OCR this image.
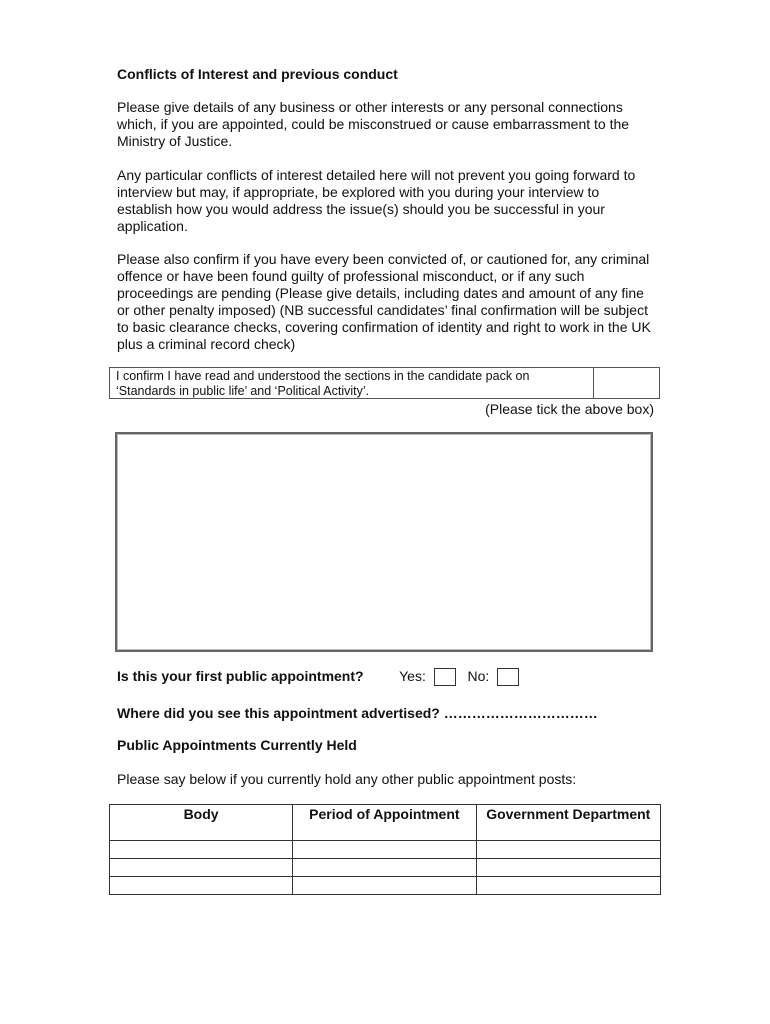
Conflicts of Interest and previous conduct

Please give details of any business or other interests or any personal connections which, if you are appointed, could be misconstrued or cause embarrassment to the Ministry of Justice.

Any particular conflicts of interest detailed here will not prevent you going forward to interview but may, if appropriate, be explored with you during your interview to establish how you would address the issue(s) should you be successful in your application.

Please also confirm if you have every been convicted of, or cautioned for, any criminal offence or have been found guilty of professional misconduct, or if any such proceedings are pending (Please give details, including dates and amount of any fine or other penalty imposed) (NB successful candidates’ final confirmation will be subject to basic clearance checks, covering confirmation of identity and right to work in the UK plus a criminal record check)

I confirm I have read and understood the sections in the candidate pack on ‘Standards in public life’ and ‘Political Activity’.
(Please tick the above box)
Is this your first public appointment?	Yes:	No:
Where did you see this appointment advertised? ……………………………
Public Appointments Currently Held
Please say below if you currently hold any other public appointment posts:
Body	Period of Appointment	Government Department
